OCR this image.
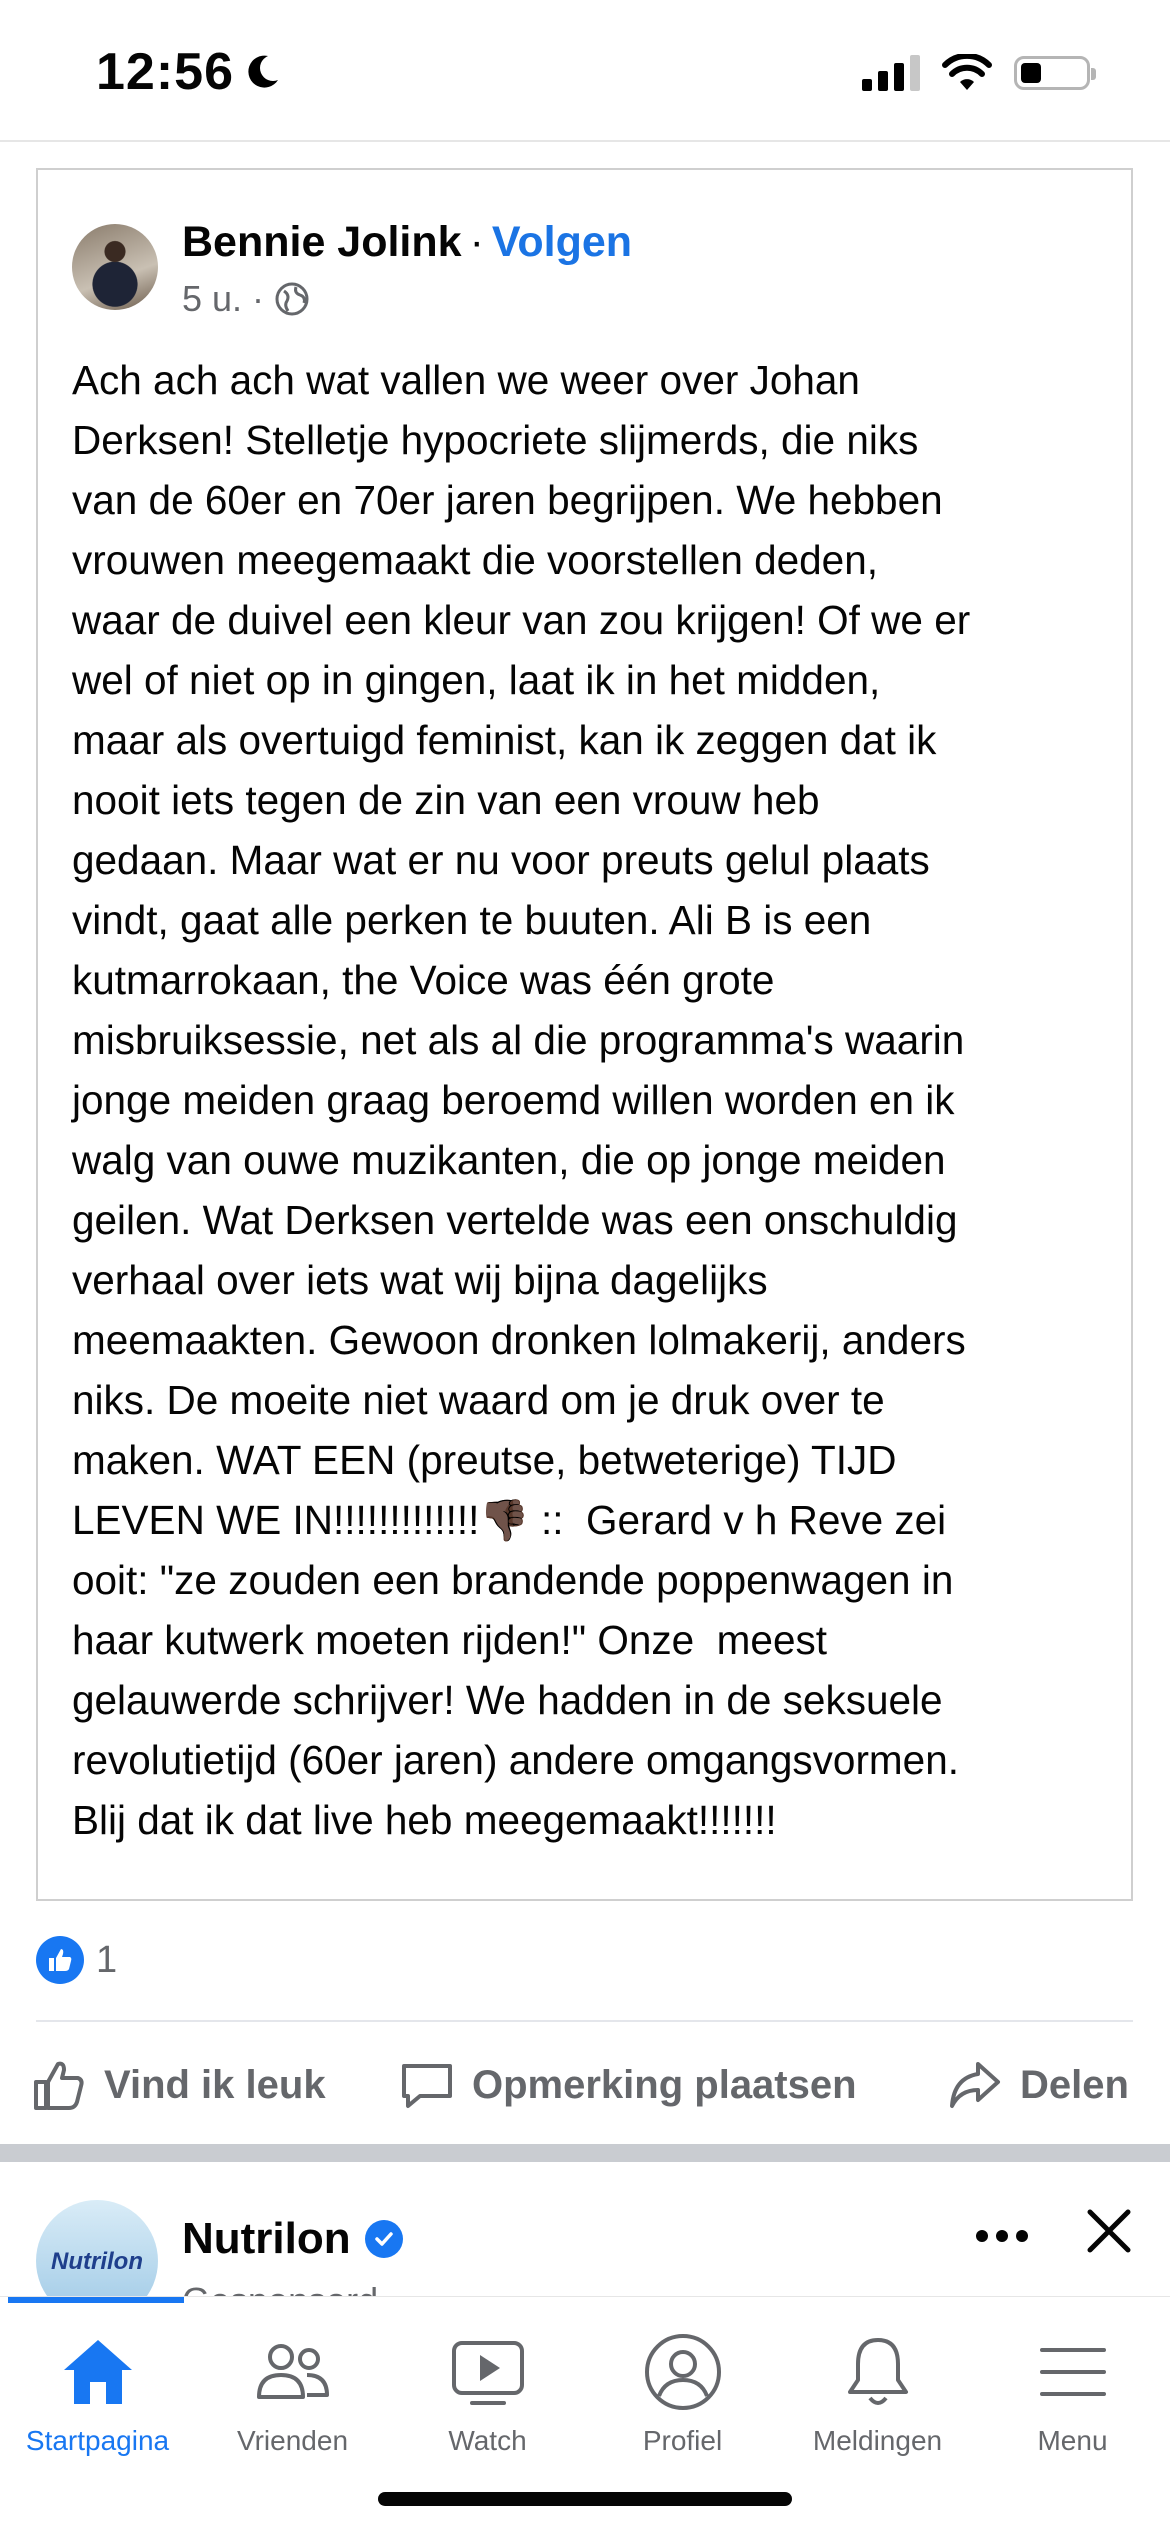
12:56
Bennie Jolink · Volgen
5 u. ·
Ach ach ach wat vallen we weer over Johan
Derksen! Stelletje hypocriete slijmerds, die niks
van de 60er en 70er jaren begrijpen. We hebben
vrouwen meegemaakt die voorstellen deden,
waar de duivel een kleur van zou krijgen! Of we er
wel of niet op in gingen, laat ik in het midden,
maar als overtuigd feminist, kan ik zeggen dat ik
nooit iets tegen de zin van een vrouw heb
gedaan. Maar wat er nu voor preuts gelul plaats
vindt, gaat alle perken te buuten. Ali B is een
kutmarrokaan, the Voice was één grote
misbruiksessie, net als al die programma's waarin
jonge meiden graag beroemd willen worden en ik
walg van ouwe muzikanten, die op jonge meiden
geilen. Wat Derksen vertelde was een onschuldig
verhaal over iets wat wij bijna dagelijks
meemaakten. Gewoon dronken lolmakerij, anders
niks. De moeite niet waard om je druk over te
maken. WAT EEN (preutse, betweterige) TIJD
LEVEN WE IN!!!!!!!!!!!!!👎🏿 ::  Gerard v h Reve zei
ooit: "ze zouden een brandende poppenwagen in
haar kutwerk moeten rijden!" Onze  meest
gelauwerde schrijver! We hadden in de seksuele
revolutietijd (60er jaren) andere omgangsvormen.
Blij dat ik dat live heb meegemaakt!!!!!!!
1
Vind ik leuk	Opmerking plaatsen	Delen
Nutrilon Nutrilon
Startpagina	Vrienden	Watch	Profiel	Meldingen	Menu
